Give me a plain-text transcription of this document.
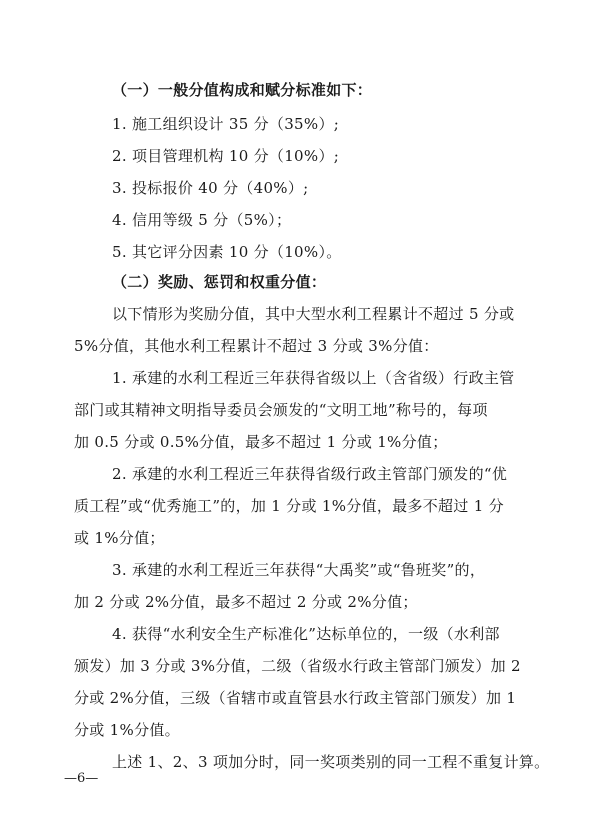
（一）一般分值构成和赋分标准如下：
1. 施工组织设计 35 分（35%）;
2. 项目管理机构 10 分（10%）;
3. 投标报价 40 分（40%）;
4. 信用等级 5 分（5%）；
5. 其它评分因素 10 分（10%）。
（二）奖励、惩罚和权重分值：
以下情形为奖励分值，其中大型水利工程累计不超过 5 分或
5%分值，其他水利工程累计不超过 3 分或 3%分值：
1. 承建的水利工程近三年获得省级以上（含省级）行政主管
部门或其精神文明指导委员会颁发的“文明工地”称号的，每项
加 0.5 分或 0.5%分值，最多不超过 1 分或 1%分值；
2. 承建的水利工程近三年获得省级行政主管部门颁发的“优
质工程”或“优秀施工”的，加 1 分或 1%分值，最多不超过 1 分
或 1%分值；
3. 承建的水利工程近三年获得“大禹奖”或“鲁班奖”的，
加 2 分或 2%分值，最多不超过 2 分或 2%分值；
4. 获得“水利安全生产标准化”达标单位的，一级（水利部
颁发）加 3 分或 3%分值，二级（省级水行政主管部门颁发）加 2
分或 2%分值，三级（省辖市或直管县水行政主管部门颁发）加 1
分或 1%分值。
上述 1、2、3 项加分时，同一奖项类别的同一工程不重复计算。
—6—
